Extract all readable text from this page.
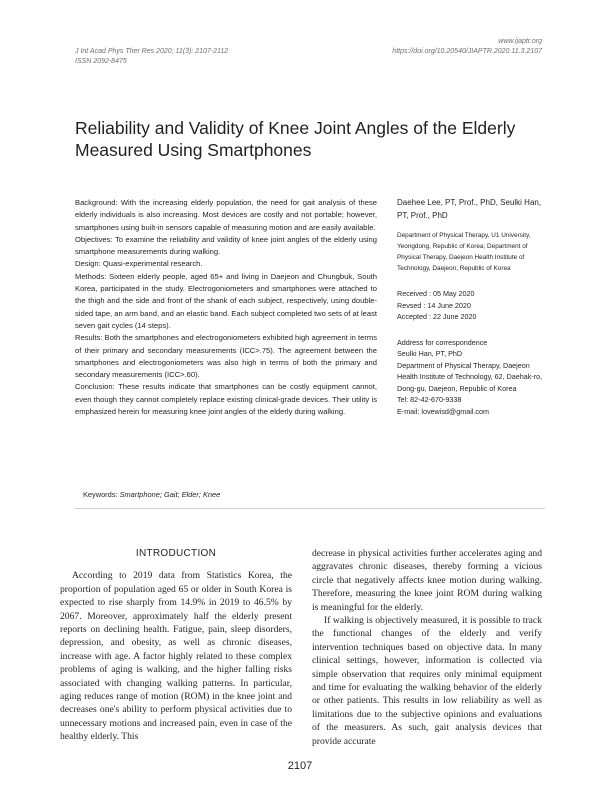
J Int Acad Phys Ther Res 2020; 11(3): 2107-2112
ISSN 2092-8475
www.ijaptr.org
https://doi.org/10.20540/JIAPTR.2020.11.3.2107
Reliability and Validity of Knee Joint Angles of the Elderly Measured Using Smartphones

Background: With the increasing elderly population, the need for gait analysis of these elderly individuals is also increasing. Most devices are costly and not portable; however, smartphones using built-in sensors capable of measuring motion and are easily available.

Objectives: To examine the reliability and validity of knee joint angles of the elderly using smartphone measurements during walking.

Design: Quasi-experimental research.

Methods: Sixteen elderly people, aged 65+ and living in Daejeon and Chungbuk, South Korea, participated in the study. Electrogoniometers and smartphones were attached to the thigh and the side and front of the shank of each subject, respectively, using double-sided tape, an arm band, and an elastic band. Each subject completed two sets of at least seven gait cycles (14 steps).

Results: Both the smartphones and electrogoniometers exhibited high agreement in terms of their primary and secondary measurements (ICC>.75). The agreement between the smartphones and electrogoniometers was also high in terms of both the primary and secondary measurements (ICC>.60).

Conclusion: These results indicate that smartphones can be costly equipment cannot, even though they cannot completely replace existing clinical-grade devices. Their utility is emphasized herein for measuring knee joint angles of the elderly during walking.

Keywords: Smartphone; Gait; Elder; Knee

Daehee Lee, PT, Prof., PhD, Seulki Han, PT, Prof., PhD

Department of Physical Therapy, U1 University, Yeongdong, Republic of Korea; Department of Physical Therapy, Daejeon Health Institute of Technology, Daejeon, Republic of Korea

Received : 05 May 2020

Revsed : 14 June 2020

Accepted : 22 June 2020

Address for correspondence

Seulki Han, PT, PhD

Department of Physical Therapy, Daejeon Health Institute of Technology, 62, Daehak-ro, Dong-gu, Daejeon, Republic of Korea

Tel: 82-42-670-9338

E-mail: lovewisd@gmail.com

INTRODUCTION

According to 2019 data from Statistics Korea, the proportion of population aged 65 or older in South Korea is expected to rise sharply from 14.9% in 2019 to 46.5% by 2067. Moreover, approximately half the elderly present reports on declining health. Fatigue, pain, sleep disorders, depression, and obesity, as well as chronic diseases, increase with age. A factor highly related to these complex problems of aging is walking, and the higher falling risks associated with changing walking patterns. In particular, aging reduces range of motion (ROM) in the knee joint and decreases one's ability to perform physical activities due to unnecessary motions and increased pain, even in case of the healthy elderly. This

decrease in physical activities further accelerates aging and aggravates chronic diseases, thereby forming a vicious circle that negatively affects knee motion during walking. Therefore, measuring the knee joint ROM during walking is meaningful for the elderly.

If walking is objectively measured, it is possible to track the functional changes of the elderly and verify intervention techniques based on objective data. In many clinical settings, however, information is collected via simple observation that requires only minimal equipment and time for evaluating the walking behavior of the elderly or other patients. This results in low reliability as well as limitations due to the subjective opinions and evaluations of the measurers. As such, gait analysis devices that provide accurate

2107
